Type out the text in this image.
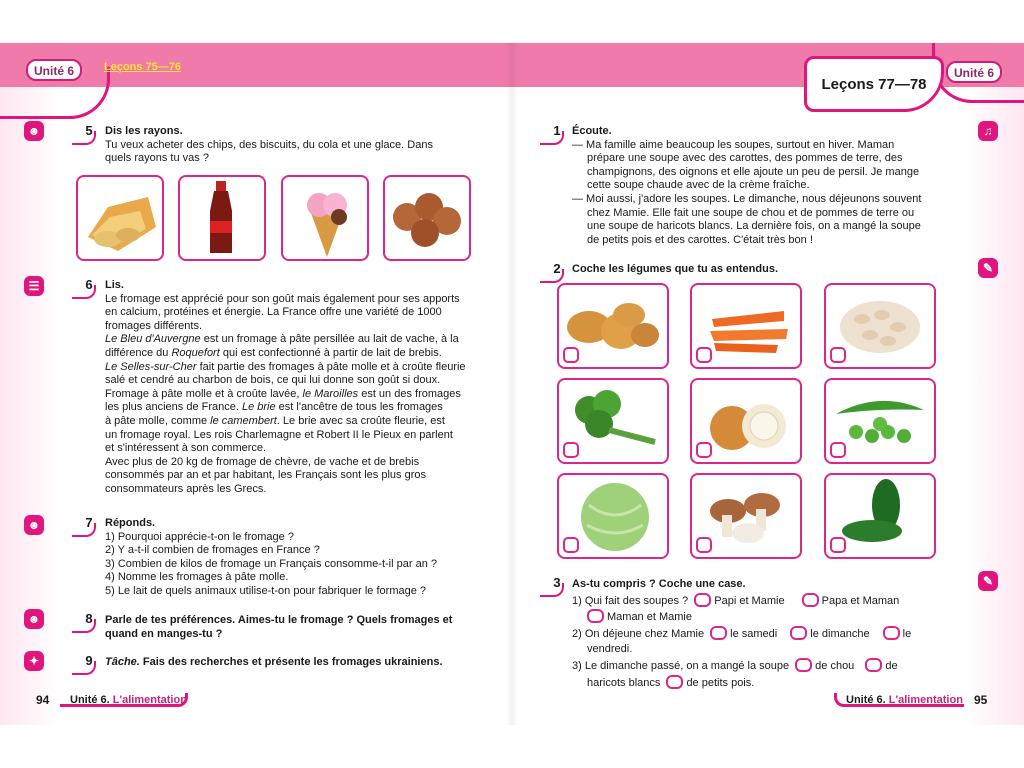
Unité 6	Leçons 75—76
☻
☰
☻
☻
✦
5	Dis les rayons.
Tu veux acheter des chips, des biscuits, du cola et une glace. Dans
quels rayons tu vas ?
6	Lis.
Le fromage est apprécié pour son goût mais également pour ses apports
en calcium, protéines et énergie. La France offre une variété de 1000
fromages différents.
Le Bleu d'Auvergne est un fromage à pâte persillée au lait de vache, à la
différence du Roquefort qui est confectionné à partir de lait de brebis.
Le Selles-sur-Cher fait partie des fromages à pâte molle et à croûte fleurie
salé et cendré au charbon de bois, ce qui lui donne son goût si doux.
Fromage à pâte molle et à croûte lavée, le Maroilles est un des fromages
les plus anciens de France. Le brie est l'ancêtre de tous les fromages
à pâte molle, comme le camembert. Le brie avec sa croûte fleurie, est
un fromage royal. Les rois Charlemagne et Robert II le Pieux en parlent
et s'intéressent à son commerce.
Avec plus de 20 kg de fromage de chèvre, de vache et de brebis
consommés par an et par habitant, les Français sont les plus gros
consommateurs après les Grecs.
7	Réponds.
1) Pourquoi apprécie-t-on le fromage ?
2) Y a-t-il combien de fromages en France ?
3) Combien de kilos de fromage un Français consomme-t-il par an ?
4) Nomme les fromages à pâte molle.
5) Le lait de quels animaux utilise-t-on pour fabriquer le formage ?
8	Parle de tes préférences. Aimes-tu le fromage ? Quels fromages et
quand en manges-tu ?
9	Tâche. Fais des recherches et présente les fromages ukrainiens.
94 Unité 6. L'alimentation
Leçons 77—78
Unité 6
♫
✎
✎
1	Écoute.
— Ma famille aime beaucoup les soupes, surtout en hiver. Maman
prépare une soupe avec des carottes, des pommes de terre, des
champignons, des oignons et elle ajoute un peu de persil. Je mange
cette soupe chaude avec de la crème fraîche.
— Moi aussi, j'adore les soupes. Le dimanche, nous déjeunons souvent
chez Mamie. Elle fait une soupe de chou et de pommes de terre ou
une soupe de haricots blancs. La dernière fois, on a mangé la soupe
de petits pois et des carottes. C'était très bon !
2	Coche les légumes que tu as entendus.
3	As-tu compris ? Coche une case.
1) Qui fait des soupes ? Papi et Mamie	Papa et Maman
Maman et Mamie
2) On déjeune chez Mamie le samedi	le dimanche	le
vendredi.
3) Le dimanche passé, on a mangé la soupe de chou	de
haricots blancs de petits pois.
Unité 6. L'alimentation 95
